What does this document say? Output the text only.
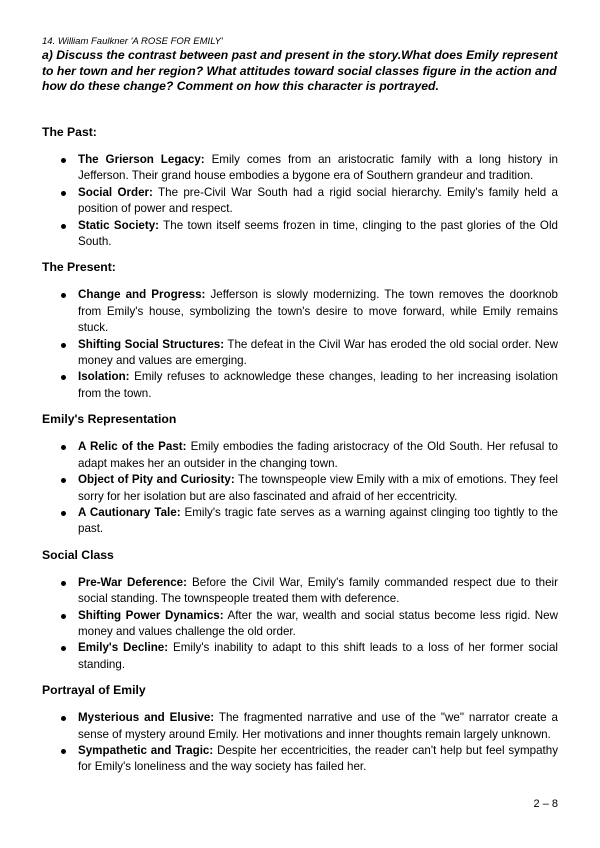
14. William Faulkner 'A ROSE FOR EMILY'

a) Discuss the contrast between past and present in the story.What does Emily represent to her town and her region? What attitudes toward social classes figure in the action and how do these change? Comment on how this character is portrayed.

The Past:

The Grierson Legacy: Emily comes from an aristocratic family with a long history in Jefferson. Their grand house embodies a bygone era of Southern grandeur and tradition.
Social Order: The pre-Civil War South had a rigid social hierarchy. Emily's family held a position of power and respect.
Static Society: The town itself seems frozen in time, clinging to the past glories of the Old South.

The Present:

Change and Progress: Jefferson is slowly modernizing. The town removes the doorknob from Emily's house, symbolizing the town's desire to move forward, while Emily remains stuck.
Shifting Social Structures: The defeat in the Civil War has eroded the old social order. New money and values are emerging.
Isolation: Emily refuses to acknowledge these changes, leading to her increasing isolation from the town.

Emily's Representation

A Relic of the Past: Emily embodies the fading aristocracy of the Old South. Her refusal to adapt makes her an outsider in the changing town.
Object of Pity and Curiosity: The townspeople view Emily with a mix of emotions. They feel sorry for her isolation but are also fascinated and afraid of her eccentricity.
A Cautionary Tale: Emily's tragic fate serves as a warning against clinging too tightly to the past.

Social Class

Pre-War Deference: Before the Civil War, Emily's family commanded respect due to their social standing. The townspeople treated them with deference.
Shifting Power Dynamics: After the war, wealth and social status become less rigid. New money and values challenge the old order.
Emily's Decline: Emily's inability to adapt to this shift leads to a loss of her former social standing.

Portrayal of Emily

Mysterious and Elusive: The fragmented narrative and use of the "we" narrator create a sense of mystery around Emily. Her motivations and inner thoughts remain largely unknown.
Sympathetic and Tragic: Despite her eccentricities, the reader can't help but feel sympathy for Emily's loneliness and the way society has failed her.
2 – 8
